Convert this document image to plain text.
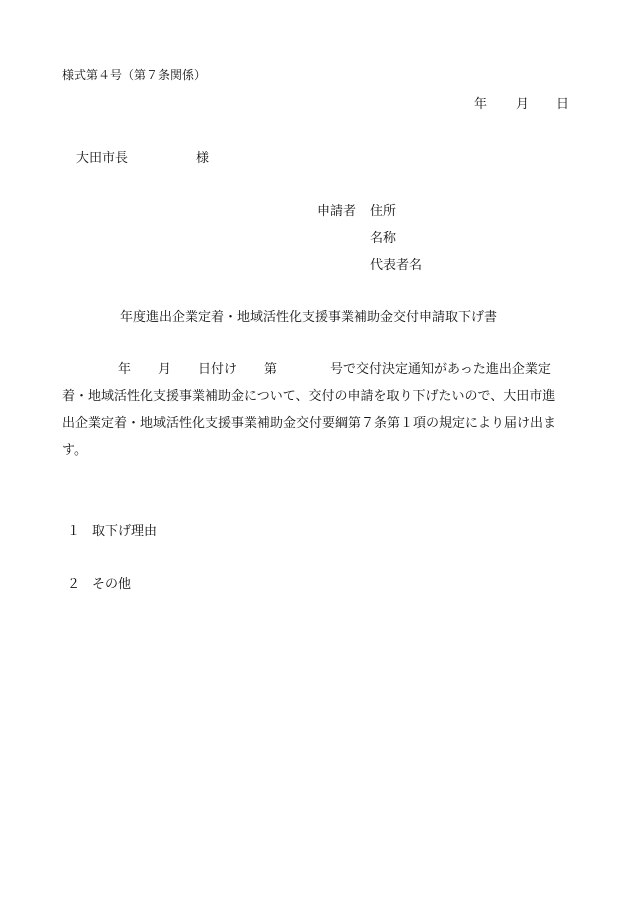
様式第４号（第７条関係）
年 月 日
大田市長	様
申請者 住所
名称
代表者名
年度進出企業定着・地域活性化支援事業補助金交付申請取下げ書
年 月 日付け 第	号で交付決定通知があった進出企業定
着・地域活性化支援事業補助金について、交付の申請を取り下げたいので、大田市進
出企業定着・地域活性化支援事業補助金交付要綱第７条第１項の規定により届け出ま
す。
１ 取下げ理由
２ その他
